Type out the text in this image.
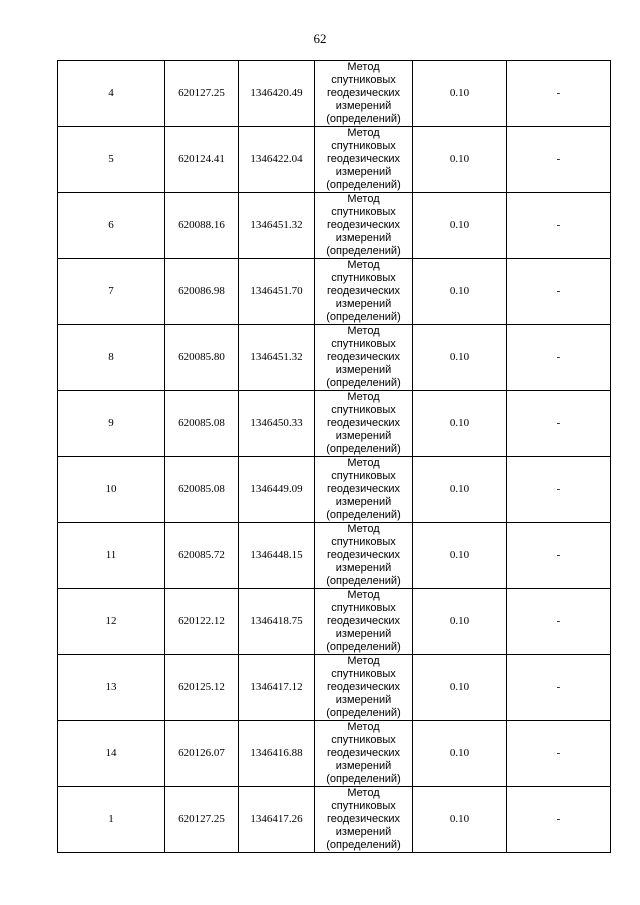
62
4	620127.25	1346420.49	Метод
спутниковых
геодезических
измерений
(определений)	0.10	-
5	620124.41	1346422.04	Метод
спутниковых
геодезических
измерений
(определений)	0.10	-
6	620088.16	1346451.32	Метод
спутниковых
геодезических
измерений
(определений)	0.10	-
7	620086.98	1346451.70	Метод
спутниковых
геодезических
измерений
(определений)	0.10	-
8	620085.80	1346451.32	Метод
спутниковых
геодезических
измерений
(определений)	0.10	-
9	620085.08	1346450.33	Метод
спутниковых
геодезических
измерений
(определений)	0.10	-
10	620085.08	1346449.09	Метод
спутниковых
геодезических
измерений
(определений)	0.10	-
11	620085.72	1346448.15	Метод
спутниковых
геодезических
измерений
(определений)	0.10	-
12	620122.12	1346418.75	Метод
спутниковых
геодезических
измерений
(определений)	0.10	-
13	620125.12	1346417.12	Метод
спутниковых
геодезических
измерений
(определений)	0.10	-
14	620126.07	1346416.88	Метод
спутниковых
геодезических
измерений
(определений)	0.10	-
1	620127.25	1346417.26	Метод
спутниковых
геодезических
измерений
(определений)	0.10	-
